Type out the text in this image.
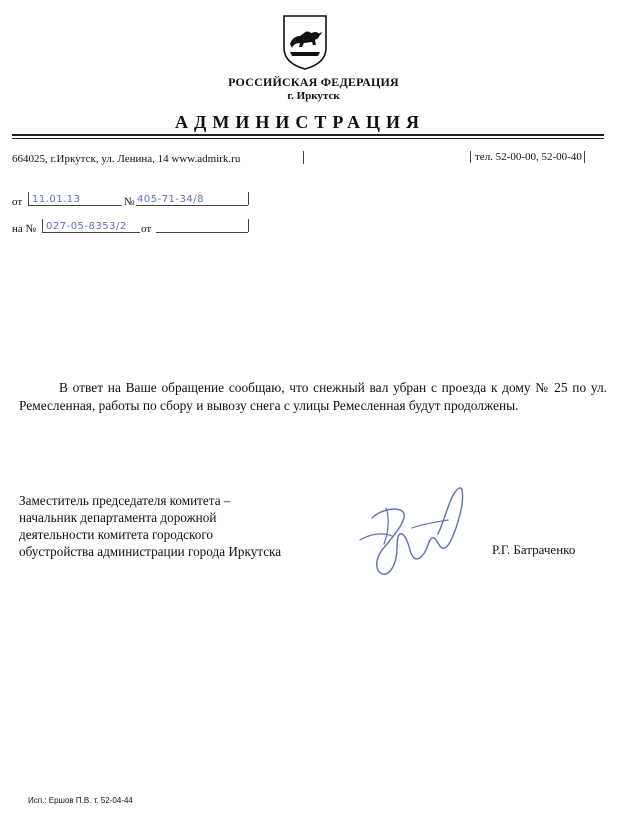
РОССИЙСКАЯ ФЕДЕРАЦИЯ
г. Иркутск
АДМИНИСТРАЦИЯ
664025, г.Иркутск, ул. Ленина, 14 www.admirk.ru	тел. 52-00-00, 52-00-40
от 11.01.13	№ 405-71-34/8
на № 027-05-8353/2 от

В ответ на Ваше обращение сообщаю, что снежный вал убран с проезда к дому № 25 по ул. Ремесленная, работы по сбору и вывозу снега с улицы Ремесленная будут продолжены.

Заместитель председателя комитета –
начальник департамента дорожной
деятельности комитета городского
обустройства администрации города Иркутска	Р.Г. Батраченко
Исп.: Ершов П.В. т. 52-04-44
